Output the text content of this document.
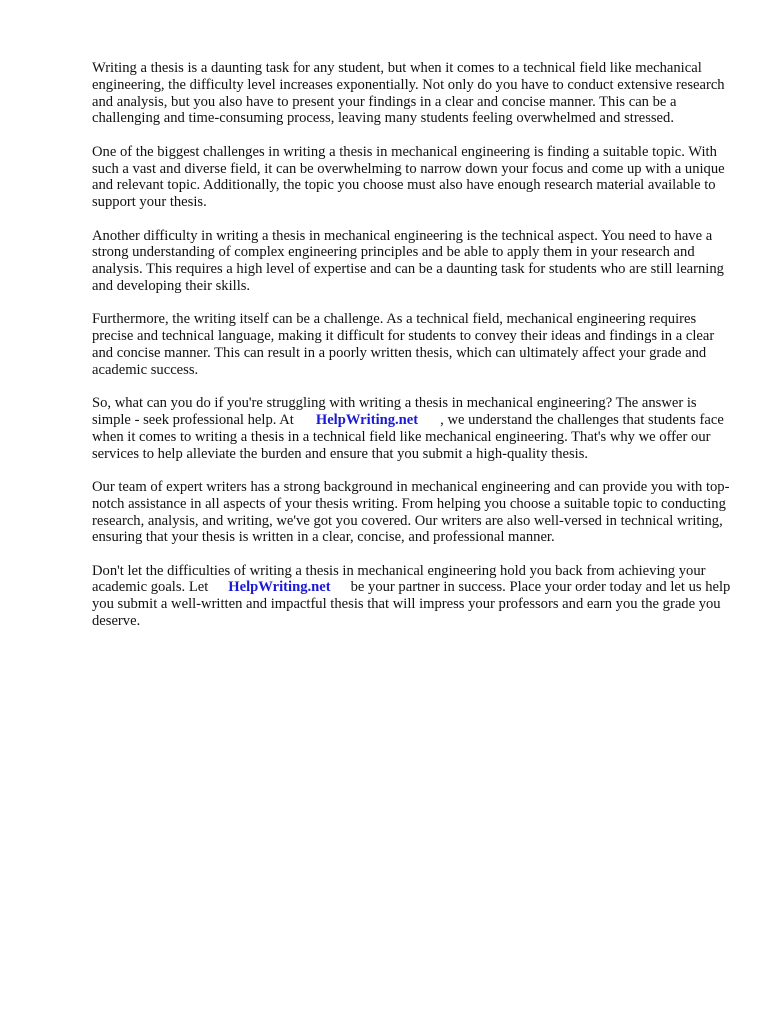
Writing a thesis is a daunting task for any student, but when it comes to a technical field like mechanical engineering, the difficulty level increases exponentially. Not only do you have to conduct extensive research and analysis, but you also have to present your findings in a clear and concise manner. This can be a challenging and time-consuming process, leaving many students feeling overwhelmed and stressed.

One of the biggest challenges in writing a thesis in mechanical engineering is finding a suitable topic. With such a vast and diverse field, it can be overwhelming to narrow down your focus and come up with a unique and relevant topic. Additionally, the topic you choose must also have enough research material available to support your thesis.

Another difficulty in writing a thesis in mechanical engineering is the technical aspect. You need to have a strong understanding of complex engineering principles and be able to apply them in your research and analysis. This requires a high level of expertise and can be a daunting task for students who are still learning and developing their skills.

Furthermore, the writing itself can be a challenge. As a technical field, mechanical engineering requires precise and technical language, making it difficult for students to convey their ideas and findings in a clear and concise manner. This can result in a poorly written thesis, which can ultimately affect your grade and academic success.

So, what can you do if you're struggling with writing a thesis in mechanical engineering? The answer is simple - seek professional help. At HelpWriting.net , we understand the challenges that students face when it comes to writing a thesis in a technical field like mechanical engineering. That's why we offer our services to help alleviate the burden and ensure that you submit a high-quality thesis.

Our team of expert writers has a strong background in mechanical engineering and can provide you with top-notch assistance in all aspects of your thesis writing. From helping you choose a suitable topic to conducting research, analysis, and writing, we've got you covered. Our writers are also well-versed in technical writing, ensuring that your thesis is written in a clear, concise, and professional manner.

Don't let the difficulties of writing a thesis in mechanical engineering hold you back from achieving your academic goals. Let HelpWriting.net be your partner in success. Place your order today and let us help you submit a well-written and impactful thesis that will impress your professors and earn you the grade you deserve.
